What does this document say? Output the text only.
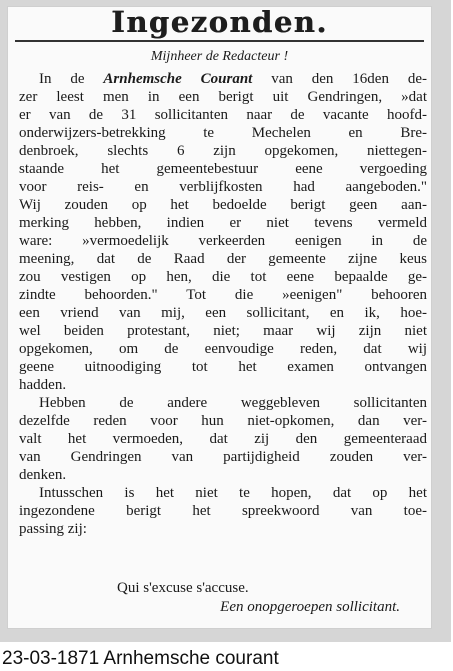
Ingezonden.
Mijnheer de Redacteur !
In de Arnhemsche Courant van den 16den de-
zer leest men in een berigt uit Gendringen, »dat
er van de 31 sollicitanten naar de vacante hoofd-
onderwijzers-betrekking te Mechelen en Bre-
denbroek, slechts 6 zijn opgekomen, niettegen-
staande het gemeentebestuur eene vergoeding
voor reis- en verblijfkosten had aangeboden."
Wij zouden op het bedoelde berigt geen aan-
merking hebben, indien er niet tevens vermeld
ware: »vermoedelijk verkeerden eenigen in de
meening, dat de Raad der gemeente zijne keus
zou vestigen op hen, die tot eene bepaalde ge-
zindte behoorden." Tot die »eenigen" behooren
een vriend van mij, een sollicitant, en ik, hoe-
wel beiden protestant, niet; maar wij zijn niet
opgekomen, om de eenvoudige reden, dat wij
geene uitnoodiging tot het examen ontvangen
hadden.
Hebben de andere weggebleven sollicitanten
dezelfde reden voor hun niet-opkomen, dan ver-
valt het vermoeden, dat zij den gemeenteraad
van Gendringen van partijdigheid zouden ver-
denken.
Intusschen is het niet te hopen, dat op het
ingezondene berigt het spreekwoord van toe-
passing zij:
Qui s'excuse s'accuse.
Een onopgeroepen sollicitant.
23-03-1871 Arnhemsche courant
